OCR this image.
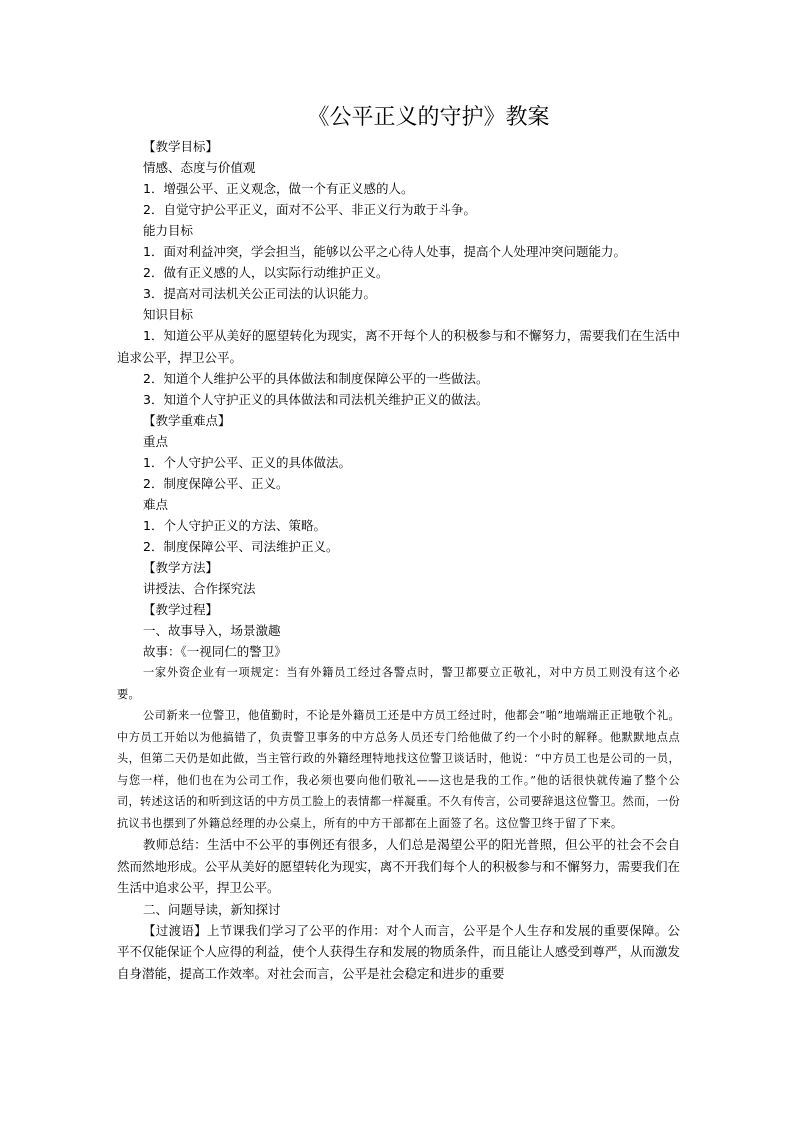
《公平正义的守护》教案
【教学目标】
情感、态度与价值观
1．增强公平、正义观念，做一个有正义感的人。
2．自觉守护公平正义，面对不公平、非正义行为敢于斗争。
能力目标
1．面对利益冲突，学会担当，能够以公平之心待人处事，提高个人处理冲突问题能力。
2．做有正义感的人，以实际行动维护正义。
3．提高对司法机关公正司法的认识能力。
知识目标
1．知道公平从美好的愿望转化为现实，离不开每个人的积极参与和不懈努力，需要我们在生活中追求公平，捍卫公平。
2．知道个人维护公平的具体做法和制度保障公平的一些做法。
3．知道个人守护正义的具体做法和司法机关维护正义的做法。
【教学重难点】
重点
1．个人守护公平、正义的具体做法。
2．制度保障公平、正义。
难点
1．个人守护正义的方法、策略。
2．制度保障公平、司法维护正义。
【教学方法】
讲授法、合作探究法
【教学过程】
一、故事导入，场景激趣
故事：《一视同仁的警卫》
一家外资企业有一项规定：当有外籍员工经过各警点时，警卫都要立正敬礼，对中方员工则没有这个必要。
公司新来一位警卫，他值勤时，不论是外籍员工还是中方员工经过时，他都会“啪”地端端正正地敬个礼。中方员工开始以为他搞错了，负责警卫事务的中方总务人员还专门给他做了约一个小时的解释。他默默地点点头，但第二天仍是如此做，当主管行政的外籍经理特地找这位警卫谈话时，他说：“中方员工也是公司的一员，与您一样，他们也在为公司工作，我必须也要向他们敬礼——这也是我的工作。”他的话很快就传遍了整个公司，转述这话的和听到这话的中方员工脸上的表情都一样凝重。不久有传言，公司要辞退这位警卫。然而，一份抗议书也摆到了外籍总经理的办公桌上，所有的中方干部都在上面签了名。这位警卫终于留了下来。
教师总结：生活中不公平的事例还有很多，人们总是渴望公平的阳光普照，但公平的社会不会自然而然地形成。公平从美好的愿望转化为现实，离不开我们每个人的积极参与和不懈努力，需要我们在生活中追求公平，捍卫公平。
二、问题导读，新知探讨
【过渡语】上节课我们学习了公平的作用：对个人而言，公平是个人生存和发展的重要保障。公平不仅能保证个人应得的利益，使个人获得生存和发展的物质条件，而且能让人感受到尊严，从而激发自身潜能，提高工作效率。对社会而言，公平是社会稳定和进步的重要
